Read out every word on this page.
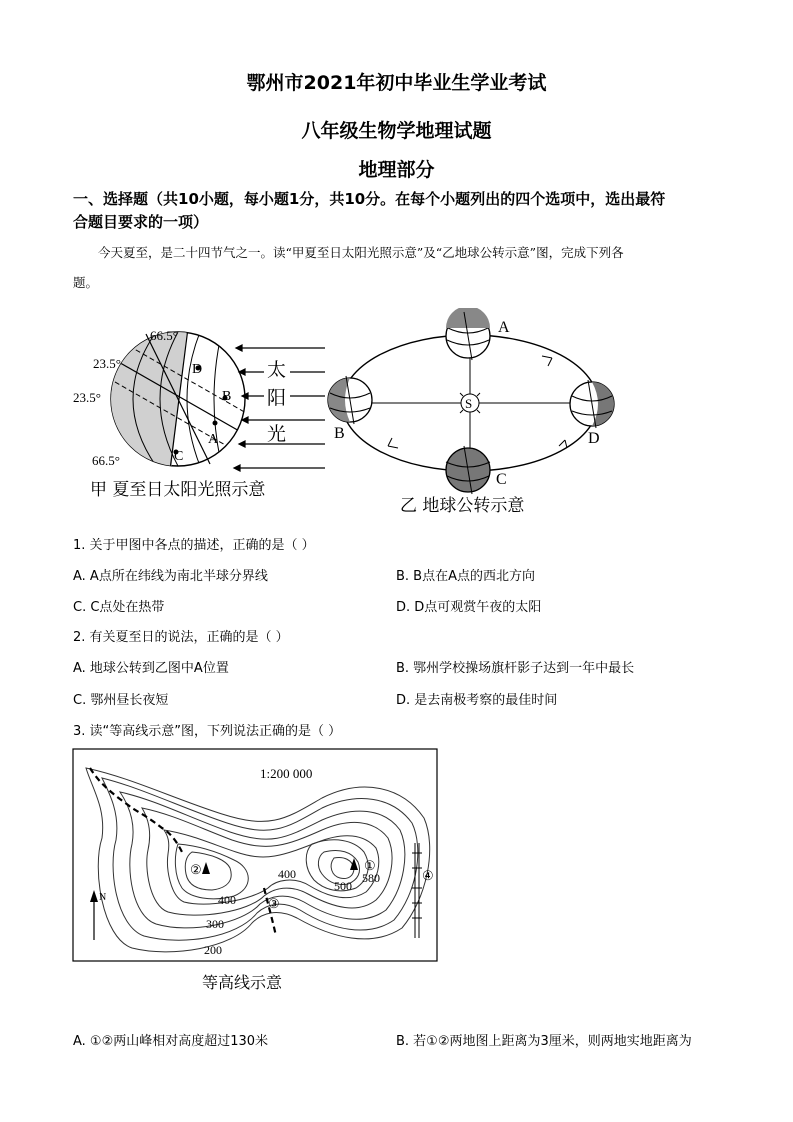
鄂州市2021年初中毕业生学业考试
八年级生物学地理试题
地理部分
一、选择题（共10小题，每小题1分，共10分。在每个小题列出的四个选项中，选出最符
合题目要求的一项）
今天夏至，是二十四节气之一。读“甲夏至日太阳光照示意”及“乙地球公转示意”图，完成下列各
题。
D
B
A
C
66.5°
23.5°
23.5°
66.5°
太
阳
光
甲 夏至日太阳光照示意
S
A
B	D
C
乙 地球公转示意
1. 关于甲图中各点的描述，正确的是（ ）
A. A点所在纬线为南北半球分界线	B. B点在A点的西北方向
C. C点处在热带	D. D点可观赏午夜的太阳
2. 有关夏至日的说法，正确的是（ ）
A. 地球公转到乙图中A位置	B. 鄂州学校操场旗杆影子达到一年中最长
C. 鄂州昼长夜短	D. 是去南极考察的最佳时间
3. 读“等高线示意”图，下列说法正确的是（ ）
1:200 000
②	①
③
④
400
500
580
400
300
200
N
等高线示意
A. ①②两山峰相对高度超过130米	B. 若①②两地图上距离为3厘米，则两地实地距离为
